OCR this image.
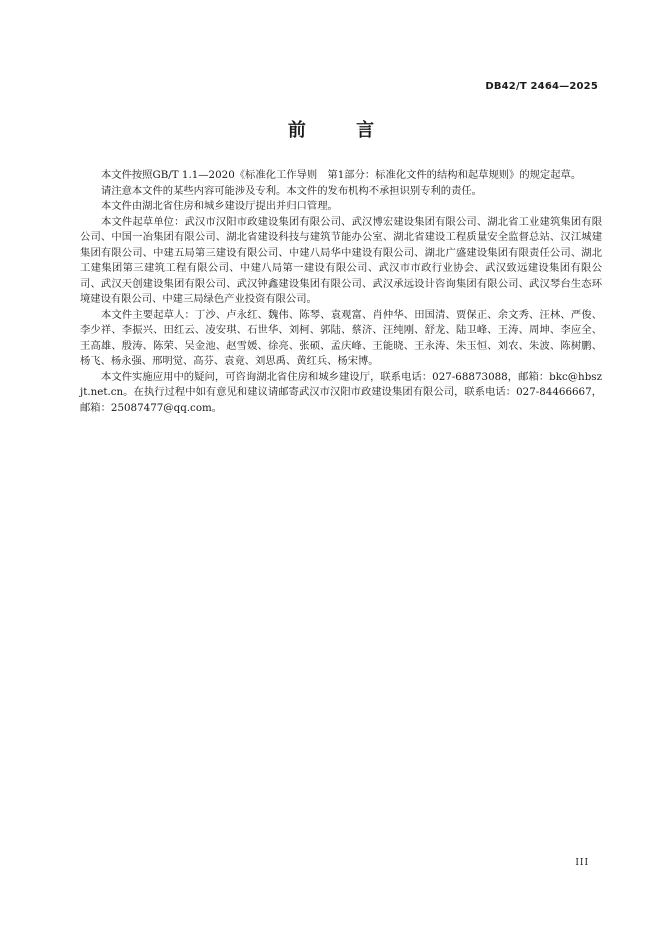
DB42/T 2464—2025
前 言

本文件按照GB/T 1.1—2020《标准化工作导则　第1部分：标准化文件的结构和起草规则》的规定起草。

请注意本文件的某些内容可能涉及专利。本文件的发布机构不承担识别专利的责任。

本文件由湖北省住房和城乡建设厅提出并归口管理。

本文件起草单位：武汉市汉阳市政建设集团有限公司、武汉博宏建设集团有限公司、湖北省工业建筑集团有限公司、中国一冶集团有限公司、湖北省建设科技与建筑节能办公室、湖北省建设工程质量安全监督总站、汉江城建集团有限公司、中建五局第三建设有限公司、中建八局华中建设有限公司、湖北广盛建设集团有限责任公司、湖北工建集团第三建筑工程有限公司、中建八局第一建设有限公司、武汉市市政行业协会、武汉致远建设集团有限公司、武汉天创建设集团有限公司、武汉钟鑫建设集团有限公司、武汉承远设计咨询集团有限公司、武汉琴台生态环境建设有限公司、中建三局绿色产业投资有限公司。

本文件主要起草人：丁沙、卢永红、魏伟、陈琴、袁观富、肖仲华、田国清、贾保正、余文秀、汪林、严俊、李少祥、李振兴、田红云、凌安琪、石世华、刘柯、郭陆、蔡济、汪纯刚、舒龙、陆卫峰、王涛、周坤、李应全、王高雄、殷涛、陈荣、吴金池、赵雪媛、徐亮、张硕、孟庆峰、王能晓、王永涛、朱玉恒、刘农、朱波、陈树鹏、杨飞、杨永强、邢明觉、高芬、袁竟、刘思禹、黄红兵、杨宋博。

本文件实施应用中的疑问，可咨询湖北省住房和城乡建设厅，联系电话：027-68873088，邮箱：bkc@hbszjt.net.cn。在执行过程中如有意见和建议请邮寄武汉市汉阳市政建设集团有限公司，联系电话：027-84466667，邮箱：25087477@qq.com。

III
